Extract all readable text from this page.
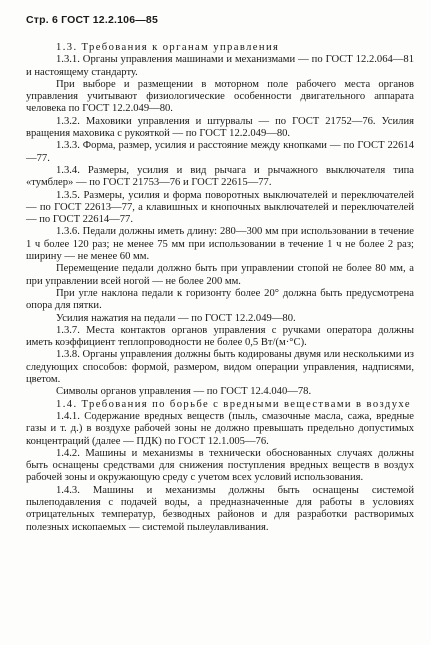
Стр. 6 ГОСТ 12.2.106—85

1.3. Требования к органам управления

1.3.1. Органы управления машинами и механизмами — по ГОСТ 12.2.064—81 и настоящему стандарту.

При выборе и размещении в моторном поле рабочего места органов управления учитывают физиологические особенности двигательного аппарата человека по ГОСТ 12.2.049—80.

1.3.2. Маховики управления и штурвалы — по ГОСТ 21752—76. Усилия вращения маховика с рукояткой — по ГОСТ 12.2.049—80.

1.3.3. Форма, размер, усилия и расстояние между кнопками — по ГОСТ 22614—77.

1.3.4. Размеры, усилия и вид рычага и рычажного выключателя типа «тумблер» — по ГОСТ 21753—76 и ГОСТ 22615—77.

1.3.5. Размеры, усилия и форма поворотных выключателей и переключателей — по ГОСТ 22613—77, а клавишных и кнопочных выключателей и переключателей — по ГОСТ 22614—77.

1.3.6. Педали должны иметь длину: 280—300 мм при использовании в течение 1 ч более 120 раз; не менее 75 мм при использовании в течение 1 ч не более 2 раз; ширину — не менее 60 мм.

Перемещение педали должно быть при управлении стопой не более 80 мм, а при управлении всей ногой — не более 200 мм.

При угле наклона педали к горизонту более 20° должна быть предусмотрена опора для пятки.

Усилия нажатия на педали — по ГОСТ 12.2.049—80.

1.3.7. Места контактов органов управления с ручками оператора должны иметь коэффициент теплопроводности не более 0,5 Вт/(м·°С).

1.3.8. Органы управления должны быть кодированы двумя или несколькими из следующих способов: формой, размером, видом операции управления, надписями, цветом.

Символы органов управления — по ГОСТ 12.4.040—78.

1.4. Требования по борьбе с вредными веществами в воздухе

1.4.1. Содержание вредных веществ (пыль, смазочные масла, сажа, вредные газы и т. д.) в воздухе рабочей зоны не должно превышать предельно допустимых концентраций (далее — ПДК) по ГОСТ 12.1.005—76.

1.4.2. Машины и механизмы в технически обоснованных случаях должны быть оснащены средствами для снижения поступления вредных веществ в воздух рабочей зоны и окружающую среду с учетом всех условий использования.

1.4.3. Машины и механизмы должны быть оснащены системой пылеподавления с подачей воды, а предназначенные для работы в условиях отрицательных температур, безводных районов и для разработки растворимых полезных ископаемых — системой пылеулавливания.
